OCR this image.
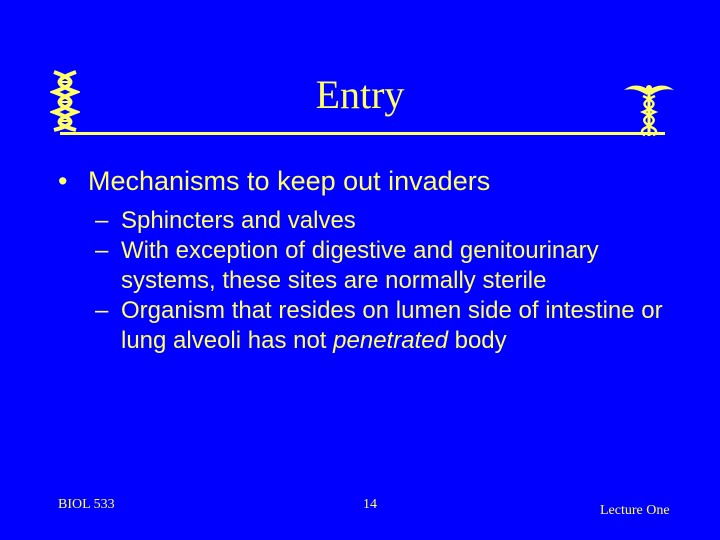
Entry
• Mechanisms to keep out invaders

– Sphincters and valves

– With exception of digestive and genitourinary systems, these sites are normally sterile

– Organism that resides on lumen side of intestine or lung alveoli has not penetrated body

BIOL 533	14	Lecture One
